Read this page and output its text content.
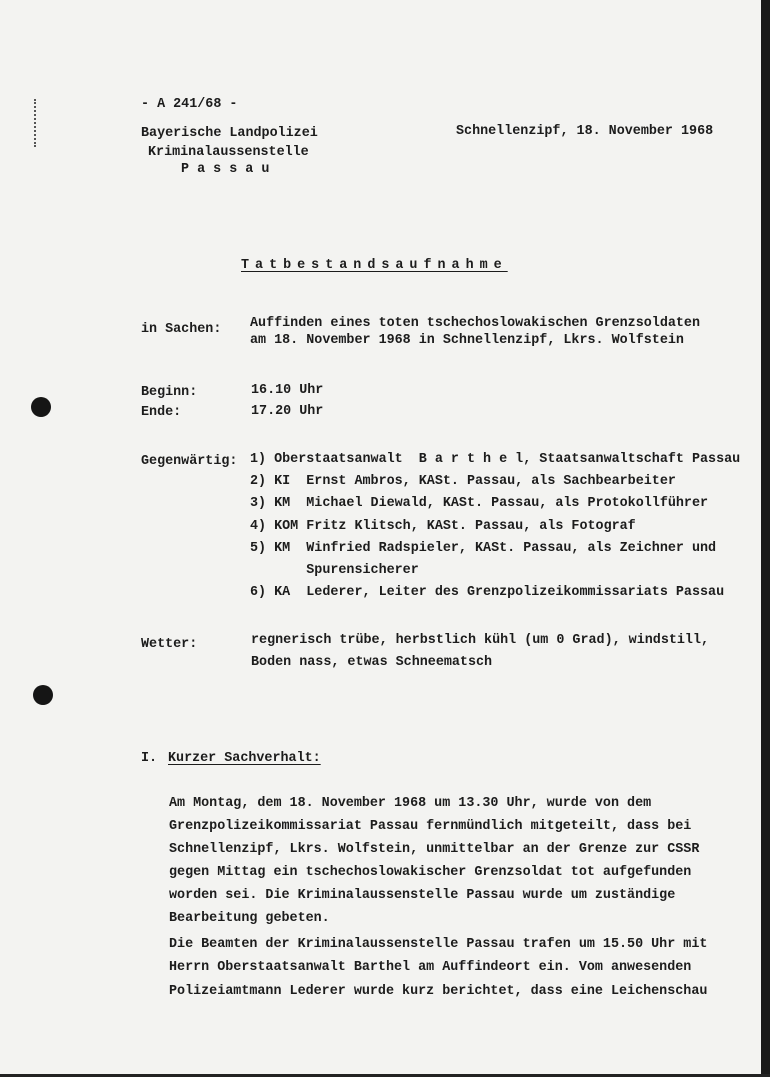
- A 241/68 -
Bayerische Landpolizei
Kriminalaussenstelle
P a s s a u
Schnellenzipf, 18. November 1968
Tatbestandsaufnahme
in Sachen: Auffinden eines toten tschechoslowakischen Grenzsoldaten
am 18. November 1968 in Schnellenzipf, Lkrs. Wolfstein
Beginn:	16.10 Uhr
Ende:	17.20 Uhr
Gegenwärtig: 1) Oberstaatsanwalt  B a r t h e l, Staatsanwaltschaft Passau
2) KI  Ernst Ambros, KASt. Passau, als Sachbearbeiter
3) KM  Michael Diewald, KASt. Passau, als Protokollführer
4) KOM Fritz Klitsch, KASt. Passau, als Fotograf
5) KM  Winfried Radspieler, KASt. Passau, als Zeichner und
Spurensicherer
6) KA  Lederer, Leiter des Grenzpolizeikommissariats Passau
Wetter:	regnerisch trübe, herbstlich kühl (um 0 Grad), windstill,
Boden nass, etwas Schneematsch
I. Kurzer Sachverhalt:
Am Montag, dem 18. November 1968 um 13.30 Uhr, wurde von dem
Grenzpolizeikommissariat Passau fernmündlich mitgeteilt, dass bei
Schnellenzipf, Lkrs. Wolfstein, unmittelbar an der Grenze zur CSSR
gegen Mittag ein tschechoslowakischer Grenzsoldat tot aufgefunden
worden sei. Die Kriminalaussenstelle Passau wurde um zuständige
Bearbeitung gebeten.
Die Beamten der Kriminalaussenstelle Passau trafen um 15.50 Uhr mit
Herrn Oberstaatsanwalt Barthel am Auffindeort ein. Vom anwesenden
Polizeiamtmann Lederer wurde kurz berichtet, dass eine Leichenschau
